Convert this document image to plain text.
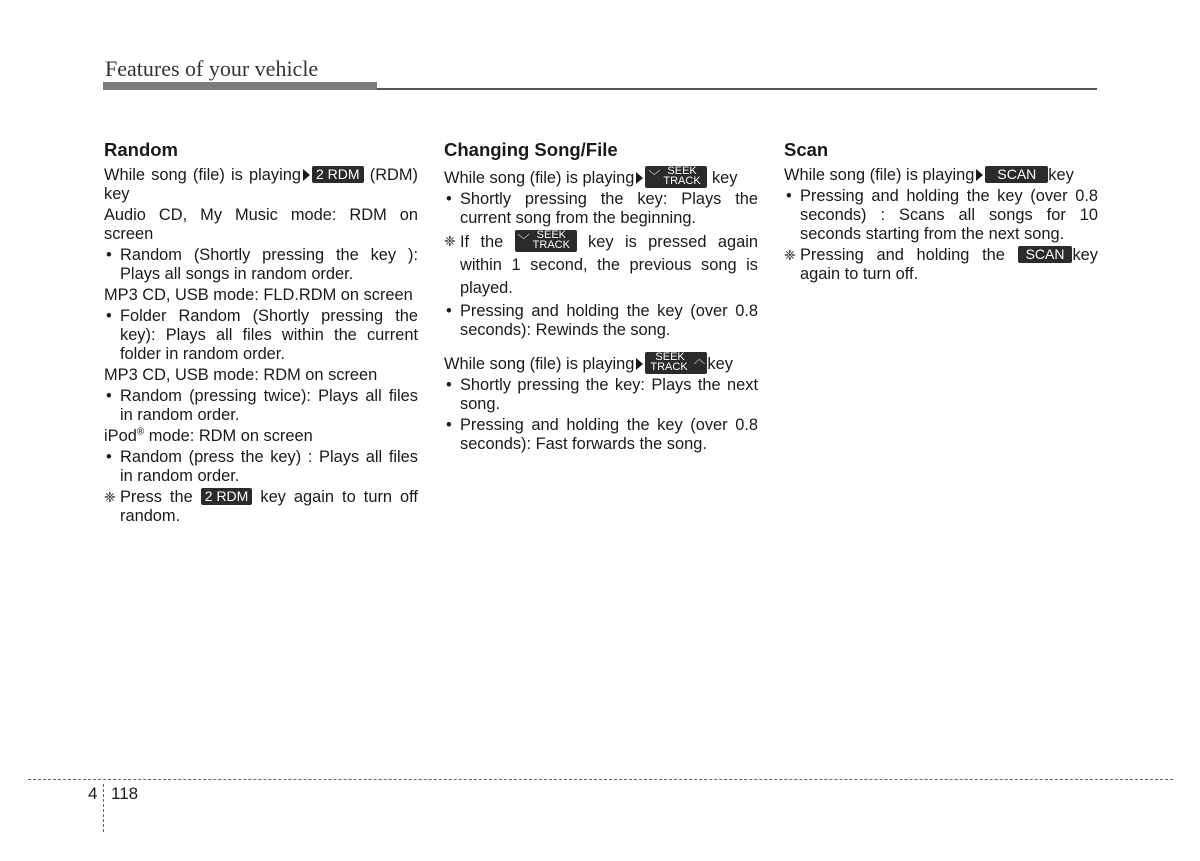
Features of your vehicle
Random

While song (file) is playing 2 RDM (RDM) key

Audio CD, My Music mode: RDM on screen

• Random (Shortly pressing the key ): Plays all songs in random order.

MP3 CD, USB mode: FLD.RDM on screen

• Folder Random (Shortly pressing the key): Plays all files within the current folder in random order.

MP3 CD, USB mode: RDM on screen

• Random (pressing twice): Plays all files in random order.

iPod® mode: RDM on screen

• Random (press the key) : Plays all files in random order.
❈ Press the 2 RDM key again to turn off random.
Changing Song/File

While song (file) is playing ﹀ SEEK
TRACK key

• Shortly pressing the key: Plays the current song from the beginning.
❈ If the ﹀ SEEK
TRACK key is pressed again within 1 second, the previous song is played.
• Pressing and holding the key (over 0.8 seconds): Rewinds the song.

While song (file) is playing SEEK
TRACK
︿ key

• Shortly pressing the key: Plays the next song.
• Pressing and holding the key (over 0.8 seconds): Fast forwards the song.
Scan

While song (file) is playing SCAN key

• Pressing and holding the key (over 0.8 seconds) : Scans all songs for 10 seconds starting from the next song.
❈ Pressing and holding the SCAN key again to turn off.
4 118
